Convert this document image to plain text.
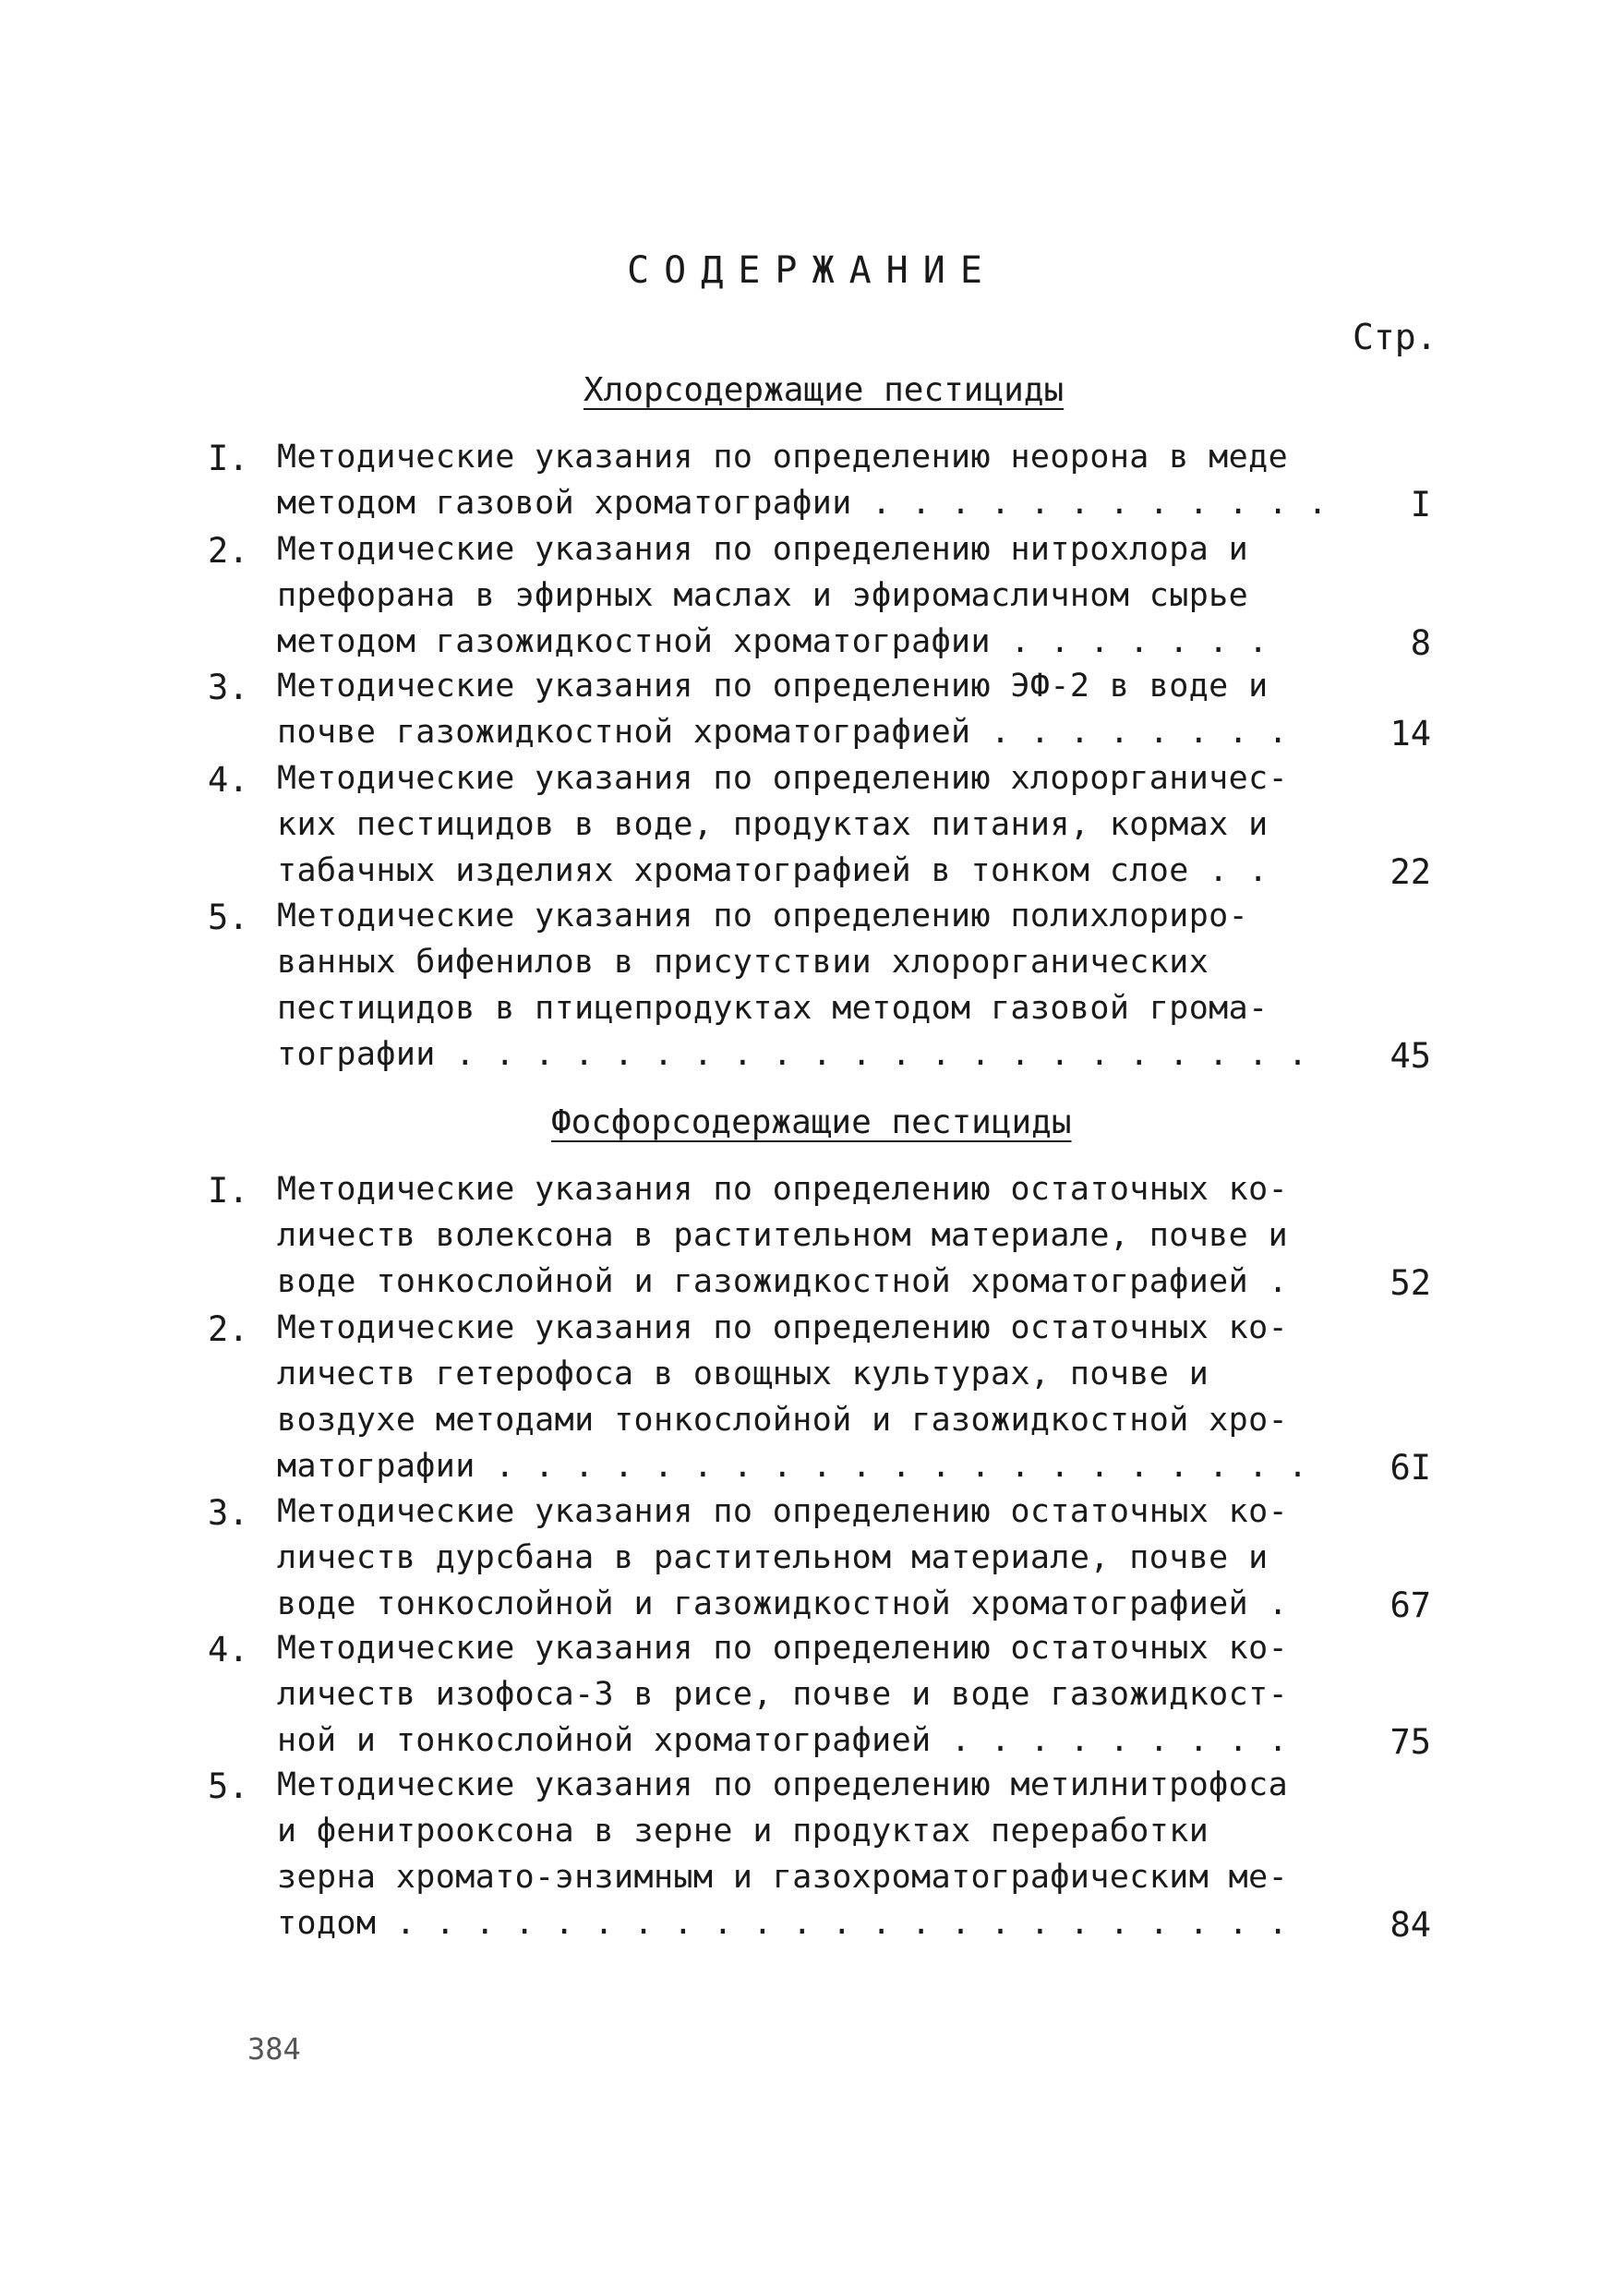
СОДЕРЖАНИЕ
Стр.
Хлорсодержащие пестициды
I. Методические указания по определению неорона в меде
методом газовой хроматографии . . . . . . . . . . . .	I
2. Методические указания по определению нитрохлора и
префорана в эфирных маслах и эфиромасличном сырье
методом газожидкостной хроматографии . . . . . . .	8
3. Методические указания по определению ЭФ-2 в воде и
почве газожидкостной хроматографией . . . . . . . .	14
4. Методические указания по определению хлорорганичес-
ких пестицидов в воде, продуктах питания, кормах и
табачных изделиях хроматографией в тонком слое . .	22
5. Методические указания по определению полихлориро-
ванных бифенилов в присутствии хлорорганических
пестицидов в птицепродуктах методом газовой грома-
тографии . . . . . . . . . . . . . . . . . . . . . .	45
Фосфорсодержащие пестициды
I. Методические указания по определению остаточных ко-
личеств волексона в растительном материале, почве и
воде тонкослойной и газожидкостной хроматографией .	52
2. Методические указания по определению остаточных ко-
личеств гетерофоса в овощных культурах, почве и
воздухе методами тонкослойной и газожидкостной хро-
матографии . . . . . . . . . . . . . . . . . . . . .	6I
3. Методические указания по определению остаточных ко-
личеств дурсбана в растительном материале, почве и
воде тонкослойной и газожидкостной хроматографией .	67
4. Методические указания по определению остаточных ко-
личеств изофоса-3 в рисе, почве и воде газожидкост-
ной и тонкослойной хроматографией . . . . . . . . .	75
5. Методические указания по определению метилнитрофоса
и фенитрооксона в зерне и продуктах переработки
зерна хромато-энзимным и газохроматографическим ме-
тодом . . . . . . . . . . . . . . . . . . . . . . .	84
384
